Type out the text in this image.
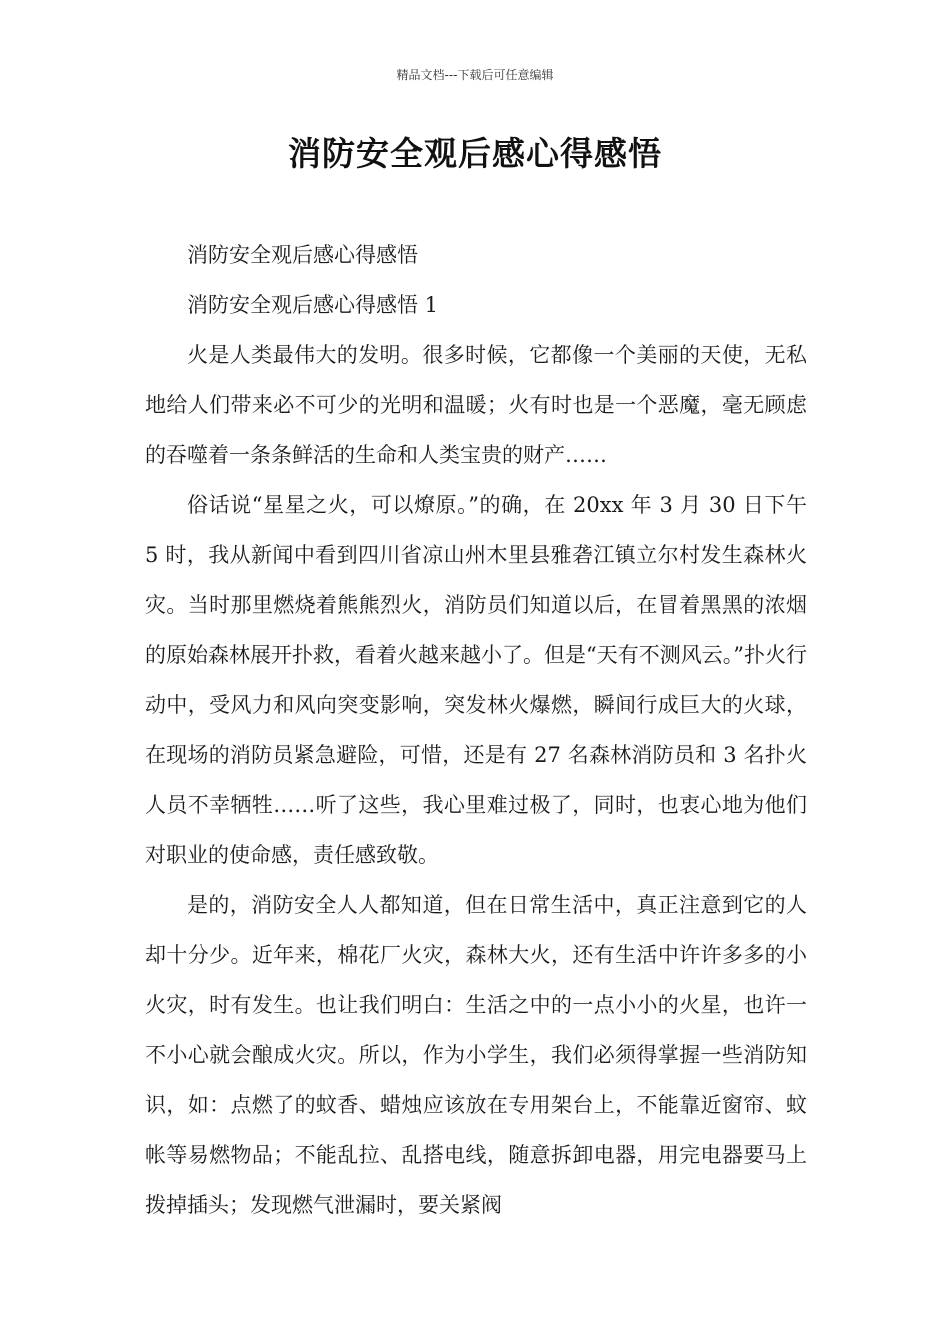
精品文档---下载后可任意编辑
消防安全观后感心得感悟

消防安全观后感心得感悟

消防安全观后感心得感悟 1

火是人类最伟大的发明。很多时候，它都像一个美丽的天使，无私地给人们带来必不可少的光明和温暖；火有时也是一个恶魔，毫无顾虑的吞噬着一条条鲜活的生命和人类宝贵的财产……

俗话说“星星之火，可以燎原。”的确，在 20xx 年 3 月 30 日下午 5 时，我从新闻中看到四川省凉山州木里县雅砻江镇立尔村发生森林火灾。当时那里燃烧着熊熊烈火，消防员们知道以后，在冒着黑黑的浓烟的原始森林展开扑救，看着火越来越小了。但是“天有不测风云。”扑火行动中，受风力和风向突变影响，突发林火爆燃，瞬间行成巨大的火球，在现场的消防员紧急避险，可惜，还是有 27 名森林消防员和 3 名扑火人员不幸牺牲……听了这些，我心里难过极了，同时，也衷心地为他们对职业的使命感，责任感致敬。

是的，消防安全人人都知道，但在日常生活中，真正注意到它的人却十分少。近年来，棉花厂火灾，森林大火，还有生活中许许多多的小火灾，时有发生。也让我们明白：生活之中的一点小小的火星，也许一不小心就会酿成火灾。所以，作为小学生，我们必须得掌握一些消防知识，如：点燃了的蚊香、蜡烛应该放在专用架台上，不能靠近窗帘、蚊帐等易燃物品；不能乱拉、乱搭电线，随意拆卸电器，用完电器要马上拨掉插头；发现燃气泄漏时，要关紧阀
